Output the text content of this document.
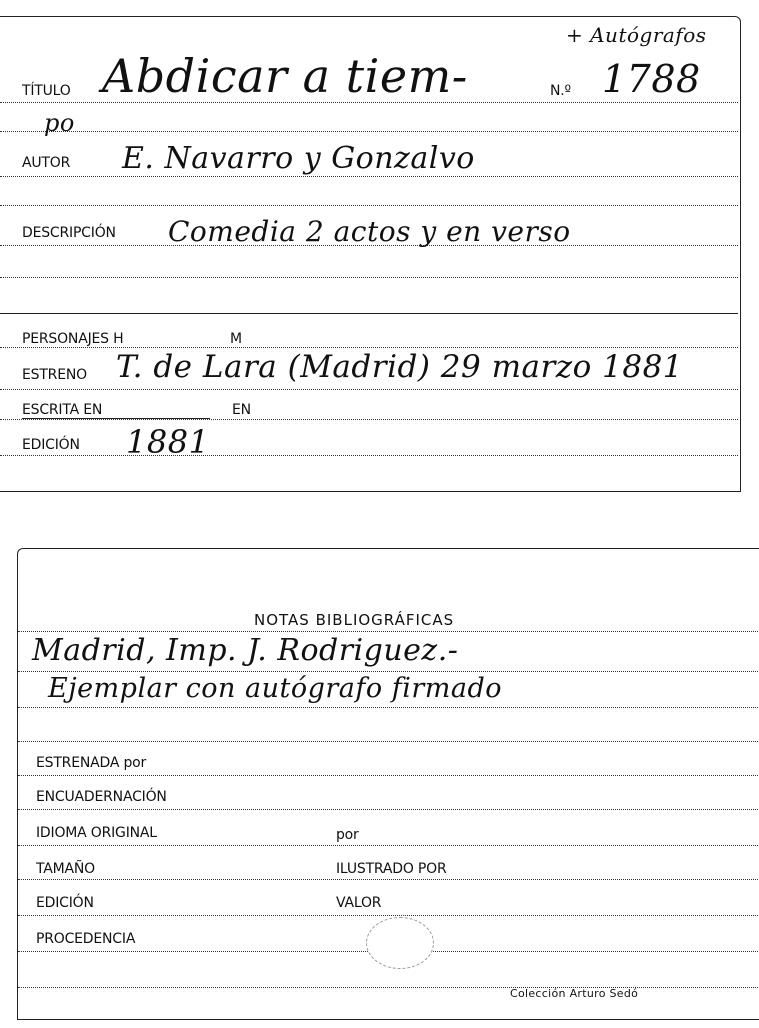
+ Autógrafos
TÍTULO Abdicar a tiem-	N.º 1788
po
AUTOR E. Navarro y Gonzalvo
DESCRIPCIÓN Comedia 2 actos y en verso
PERSONAJES H	M
ESTRENO T. de Lara (Madrid) 29 marzo 1881
ESCRITA EN	EN
EDICIÓN 1881
NOTAS BIBLIOGRÁFICAS
Madrid, Imp. J. Rodriguez.-
Ejemplar con autógrafo firmado
ESTRENADA por
ENCUADERNACIÓN
IDIOMA ORIGINAL	por
TAMAÑO	ILUSTRADO POR
EDICIÓN	VALOR
PROCEDENCIA
Colección Arturo Sedó
